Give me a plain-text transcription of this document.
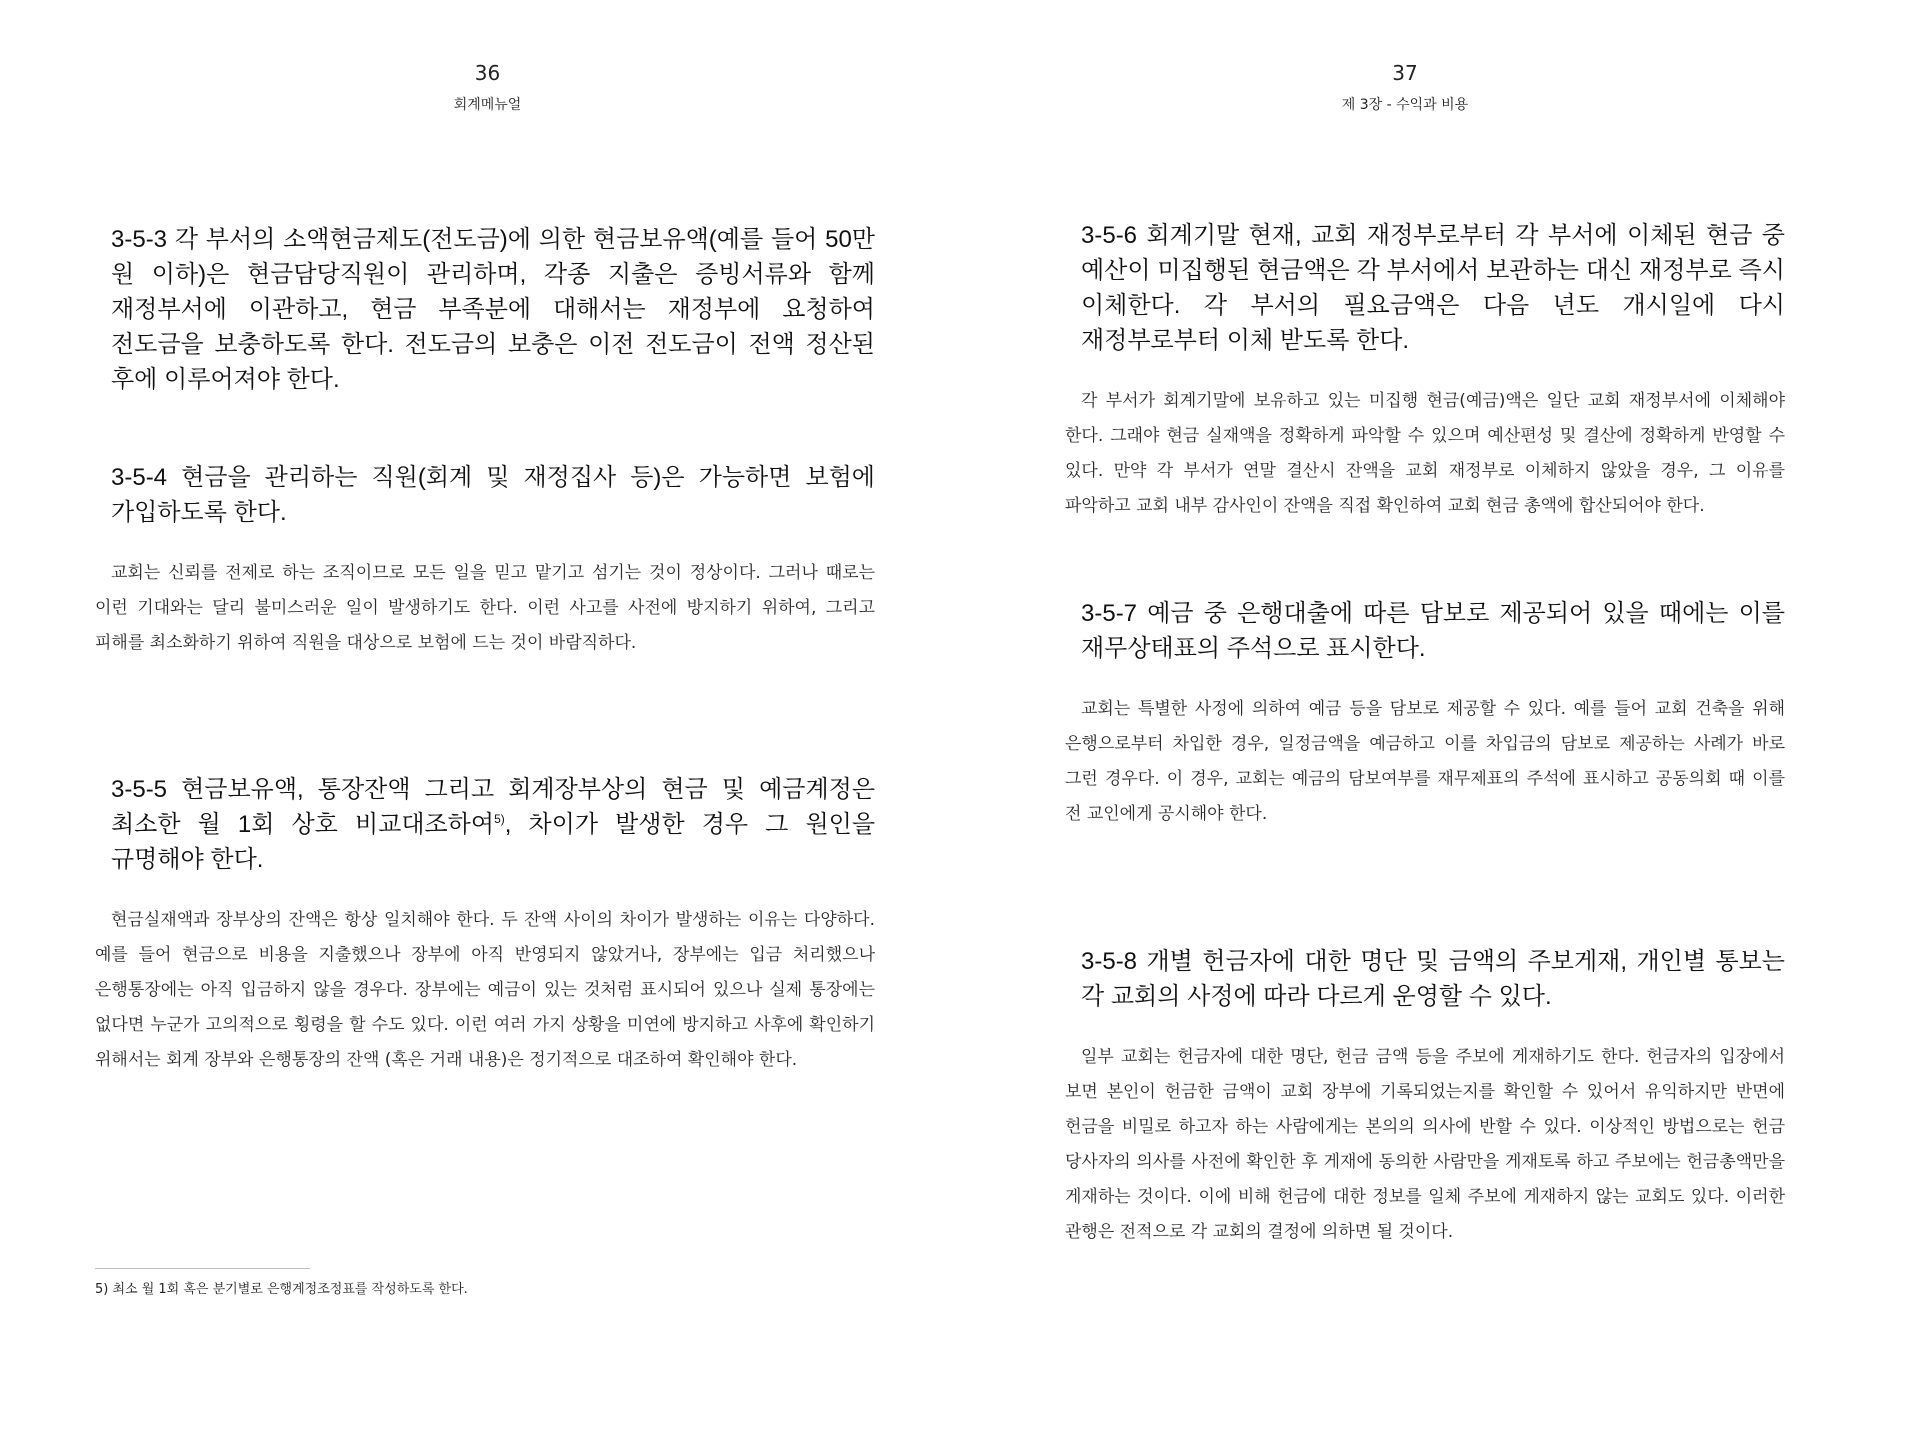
36
회계메뉴얼

3-5-3 각 부서의 소액현금제도(전도금)에 의한 현금보유액(예를 들어 50만 원 이하)은 현금담당직원이 관리하며, 각종 지출은 증빙서류와 함께 재정부서에 이관하고, 현금 부족분에 대해서는 재정부에 요청하여 전도금을 보충하도록 한다. 전도금의 보충은 이전 전도금이 전액 정산된 후에 이루어져야 한다.

3-5-4 현금을 관리하는 직원(회계 및 재정집사 등)은 가능하면 보험에 가입하도록 한다.

교회는 신뢰를 전제로 하는 조직이므로 모든 일을 믿고 맡기고 섬기는 것이 정상이다. 그러나 때로는 이런 기대와는 달리 불미스러운 일이 발생하기도 한다. 이런 사고를 사전에 방지하기 위하여, 그리고 피해를 최소화하기 위하여 직원을 대상으로 보험에 드는 것이 바람직하다.

3-5-5 현금보유액, 통장잔액 그리고 회계장부상의 현금 및 예금계정은 최소한 월 1회 상호 비교대조하여$^{5)}$, 차이가 발생한 경우 그 원인을 규명해야 한다.

현금실재액과 장부상의 잔액은 항상 일치해야 한다. 두 잔액 사이의 차이가 발생하는 이유는 다양하다. 예를 들어 현금으로 비용을 지출했으나 장부에 아직 반영되지 않았거나, 장부에는 입금 처리했으나 은행통장에는 아직 입금하지 않을 경우다. 장부에는 예금이 있는 것처럼 표시되어 있으나 실제 통장에는 없다면 누군가 고의적으로 횡령을 할 수도 있다. 이런 여러 가지 상황을 미연에 방지하고 사후에 확인하기 위해서는 회계 장부와 은행통장의 잔액 (혹은 거래 내용)은 정기적으로 대조하여 확인해야 한다.

5) 최소 월 1회 혹은 분기별로 은행계정조정표를 작성하도록 한다.
37
제 3장 - 수익과 비용

3-5-6 회계기말 현재, 교회 재정부로부터 각 부서에 이체된 현금 중 예산이 미집행된 현금액은 각 부서에서 보관하는 대신 재정부로 즉시 이체한다. 각 부서의 필요금액은 다음 년도 개시일에 다시 재정부로부터 이체 받도록 한다.

각 부서가 회계기말에 보유하고 있는 미집행 현금(예금)액은 일단 교회 재정부서에 이체해야 한다. 그래야 현금 실재액을 정확하게 파악할 수 있으며 예산편성 및 결산에 정확하게 반영할 수 있다. 만약 각 부서가 연말 결산시 잔액을 교회 재정부로 이체하지 않았을 경우, 그 이유를 파악하고 교회 내부 감사인이 잔액을 직접 확인하여 교회 현금 총액에 합산되어야 한다.

3-5-7 예금 중 은행대출에 따른 담보로 제공되어 있을 때에는 이를 재무상태표의 주석으로 표시한다.

교회는 특별한 사정에 의하여 예금 등을 담보로 제공할 수 있다. 예를 들어 교회 건축을 위해 은행으로부터 차입한 경우, 일정금액을 예금하고 이를 차입금의 담보로 제공하는 사례가 바로 그런 경우다. 이 경우, 교회는 예금의 담보여부를 재무제표의 주석에 표시하고 공동의회 때 이를 전 교인에게 공시해야 한다.

3-5-8 개별 헌금자에 대한 명단 및 금액의 주보게재, 개인별 통보는 각 교회의 사정에 따라 다르게 운영할 수 있다.

일부 교회는 헌금자에 대한 명단, 헌금 금액 등을 주보에 게재하기도 한다. 헌금자의 입장에서 보면 본인이 헌금한 금액이 교회 장부에 기록되었는지를 확인할 수 있어서 유익하지만 반면에 헌금을 비밀로 하고자 하는 사람에게는 본의의 의사에 반할 수 있다. 이상적인 방법으로는 헌금 당사자의 의사를 사전에 확인한 후 게재에 동의한 사람만을 게재토록 하고 주보에는 헌금총액만을 게재하는 것이다. 이에 비해 헌금에 대한 정보를 일체 주보에 게재하지 않는 교회도 있다. 이러한 관행은 전적으로 각 교회의 결정에 의하면 될 것이다.
